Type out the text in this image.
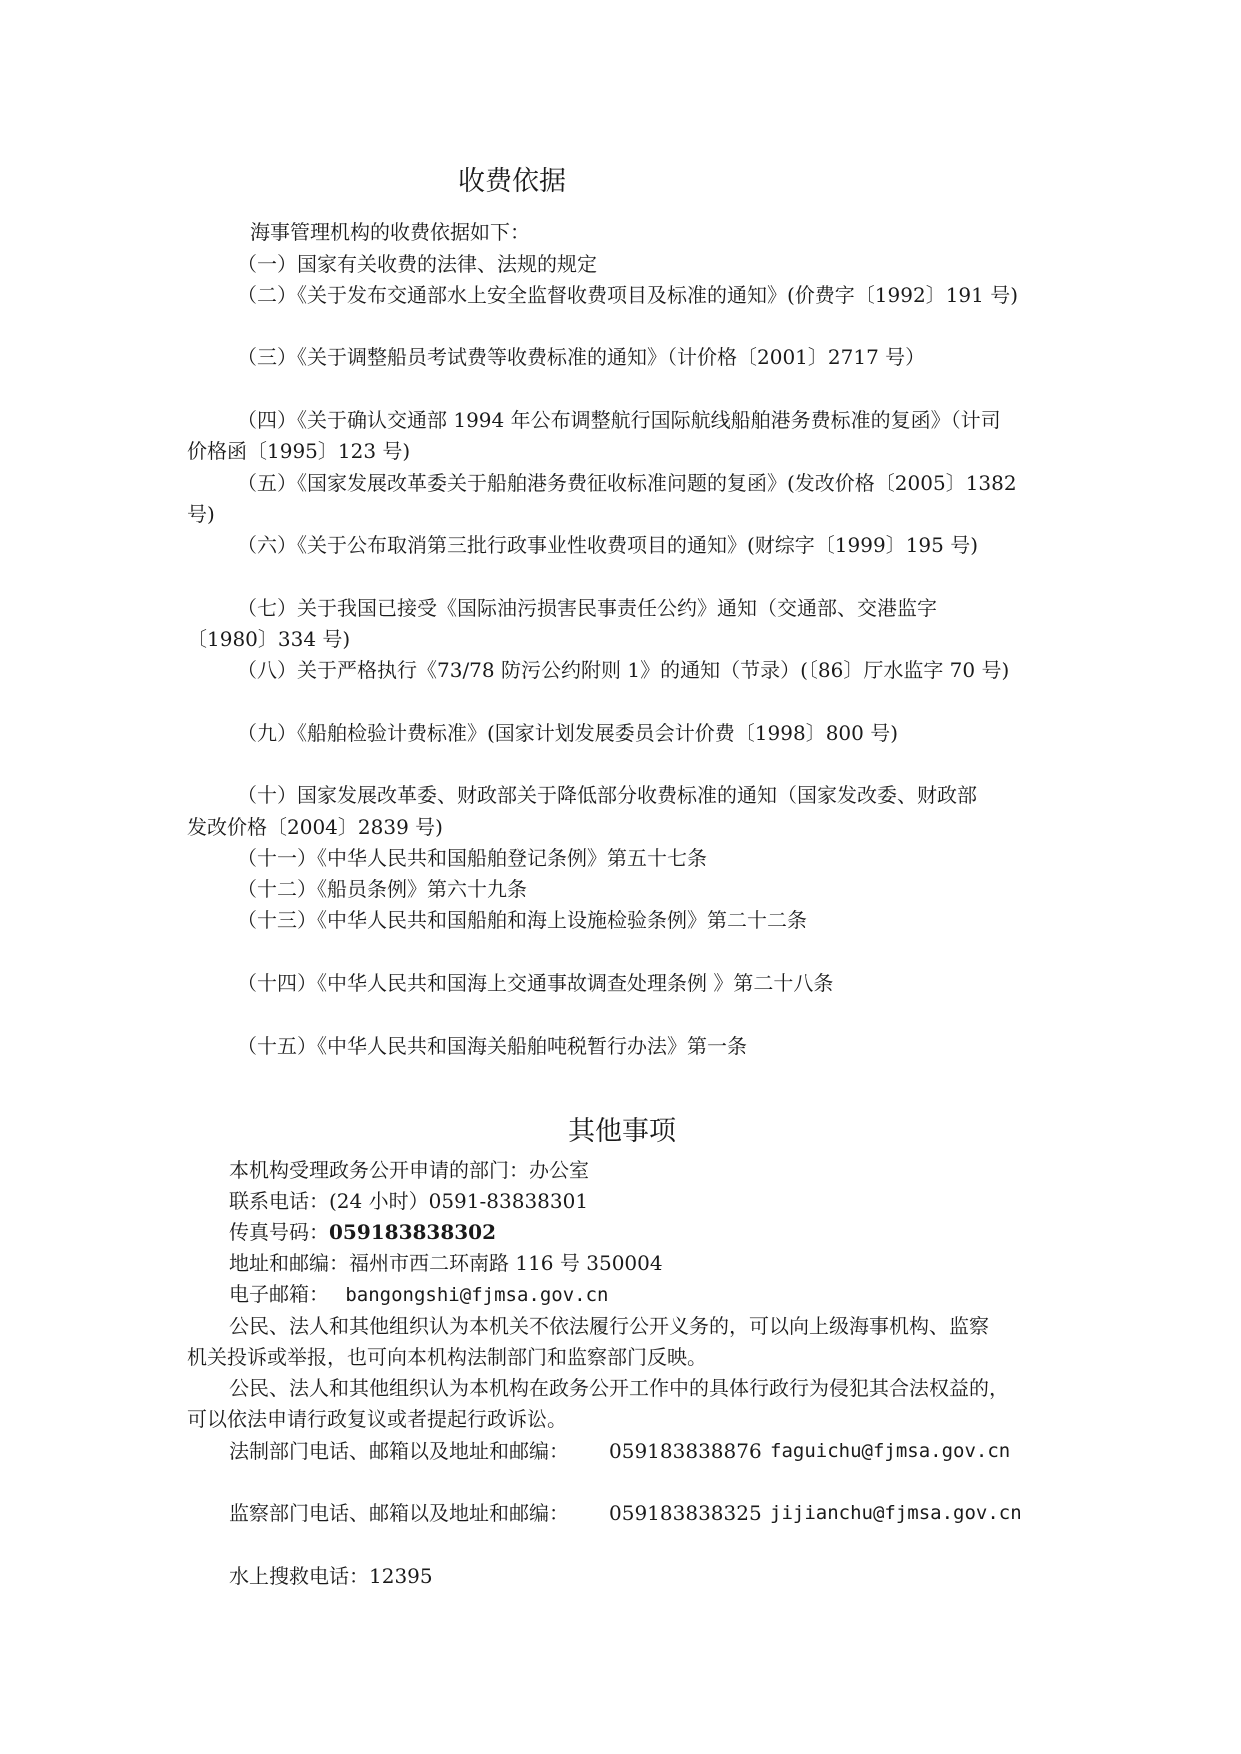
收费依据
海事管理机构的收费依据如下：
（一）国家有关收费的法律、法规的规定
（二）《关于发布交通部水上安全监督收费项目及标准的通知》(价费字〔1992〕191 号)
（三）《关于调整船员考试费等收费标准的通知》（计价格〔2001〕2717 号）
（四）《关于确认交通部 1994 年公布调整航行国际航线船舶港务费标准的复函》（计司
价格函〔1995〕123 号)
（五）《国家发展改革委关于船舶港务费征收标准问题的复函》(发改价格〔2005〕1382
号)
（六）《关于公布取消第三批行政事业性收费项目的通知》(财综字〔1999〕195 号)
（七）关于我国已接受《国际油污损害民事责任公约》通知（交通部、交港监字
〔1980〕334 号)
（八）关于严格执行《73/78 防污公约附则 1》的通知（节录）(〔86〕厅水监字 70 号)
（九）《船舶检验计费标准》(国家计划发展委员会计价费〔1998〕800 号)
（十）国家发展改革委、财政部关于降低部分收费标准的通知（国家发改委、财政部
发改价格〔2004〕2839 号)
（十一）《中华人民共和国船舶登记条例》第五十七条
（十二）《船员条例》第六十九条
（十三）《中华人民共和国船舶和海上设施检验条例》第二十二条
（十四）《中华人民共和国海上交通事故调查处理条例 》第二十八条
（十五）《中华人民共和国海关船舶吨税暂行办法》第一条
其他事项
本机构受理政务公开申请的部门：办公室
联系电话：(24 小时）0591-83838301
传真号码：059183838302
地址和邮编：福州市西二环南路 116 号 350004
电子邮箱： bangongshi@fjmsa.gov.cn
公民、法人和其他组织认为本机关不依法履行公开义务的，可以向上级海事机构、监察
机关投诉或举报，也可向本机构法制部门和监察部门反映。
公民、法人和其他组织认为本机构在政务公开工作中的具体行政行为侵犯其合法权益的，
可以依法申请行政复议或者提起行政诉讼。
法制部门电话、邮箱以及地址和邮编： 059183838876 faguichu@fjmsa.gov.cn
监察部门电话、邮箱以及地址和邮编： 059183838325 jijianchu@fjmsa.gov.cn
水上搜救电话：12395
